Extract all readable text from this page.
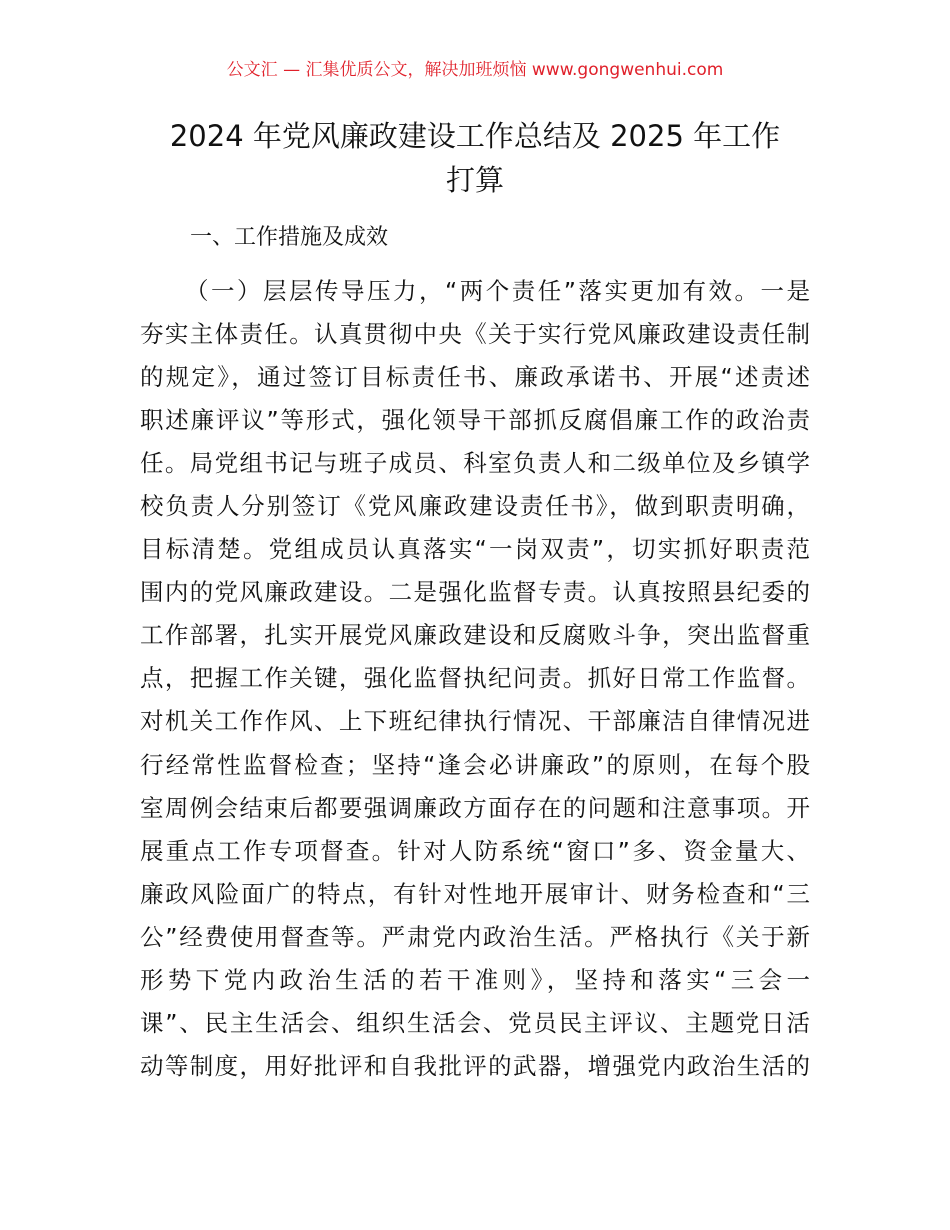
公文汇 — 汇集优质公文，解决加班烦恼 www.gongwenhui.com
2024 年党风廉政建设工作总结及 2025 年工作
打算
一、工作措施及成效
（一）层层传导压力，“两个责任”落实更加有效。一是
夯实主体责任。认真贯彻中央《关于实行党风廉政建设责任制
的规定》，通过签订目标责任书、廉政承诺书、开展“述责述
职述廉评议”等形式，强化领导干部抓反腐倡廉工作的政治责
任。局党组书记与班子成员、科室负责人和二级单位及乡镇学
校负责人分别签订《党风廉政建设责任书》，做到职责明确，
目标清楚。党组成员认真落实“一岗双责”，切实抓好职责范
围内的党风廉政建设。二是强化监督专责。认真按照县纪委的
工作部署，扎实开展党风廉政建设和反腐败斗争，突出监督重
点，把握工作关键，强化监督执纪问责。抓好日常工作监督。
对机关工作作风、上下班纪律执行情况、干部廉洁自律情况进
行经常性监督检查；坚持“逢会必讲廉政”的原则，在每个股
室周例会结束后都要强调廉政方面存在的问题和注意事项。开
展重点工作专项督查。针对人防系统“窗口”多、资金量大、
廉政风险面广的特点，有针对性地开展审计、财务检查和“三
公”经费使用督查等。严肃党内政治生活。严格执行《关于新
形势下党内政治生活的若干准则》，坚持和落实“三会一
课”、民主生活会、组织生活会、党员民主评议、主题党日活
动等制度，用好批评和自我批评的武器，增强党内政治生活的
